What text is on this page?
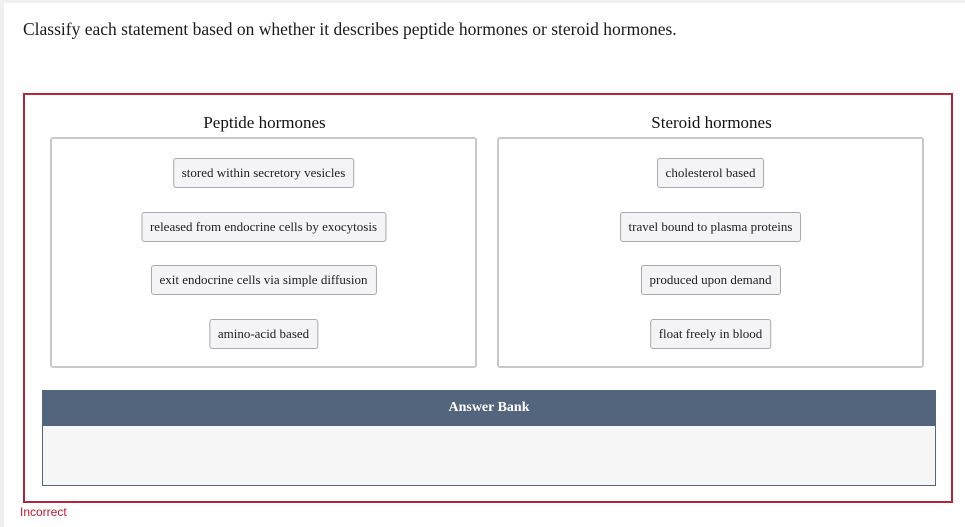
Classify each statement based on whether it describes peptide hormones or steroid hormones.
Peptide hormones
stored within secretory vesicles
released from endocrine cells by exocytosis
exit endocrine cells via simple diffusion
amino-acid based
Steroid hormones
cholesterol based
travel bound to plasma proteins
produced upon demand
float freely in blood
Answer Bank
Incorrect
